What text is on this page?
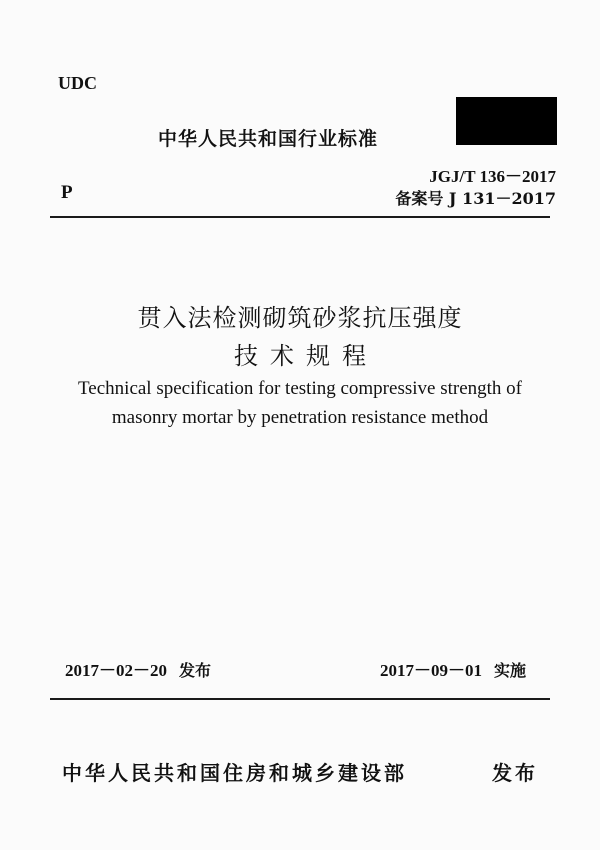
UDC
中华人民共和国行业标准
P
JGJ/T 136－2017
备案号 J 131－2017
贯入法检测砌筑砂浆抗压强度
技术规程
Technical specification for testing compressive strength of
masonry mortar by penetration resistance method
2017－02－20 发布	2017－09－01 实施
中华人民共和国住房和城乡建设部	发布
